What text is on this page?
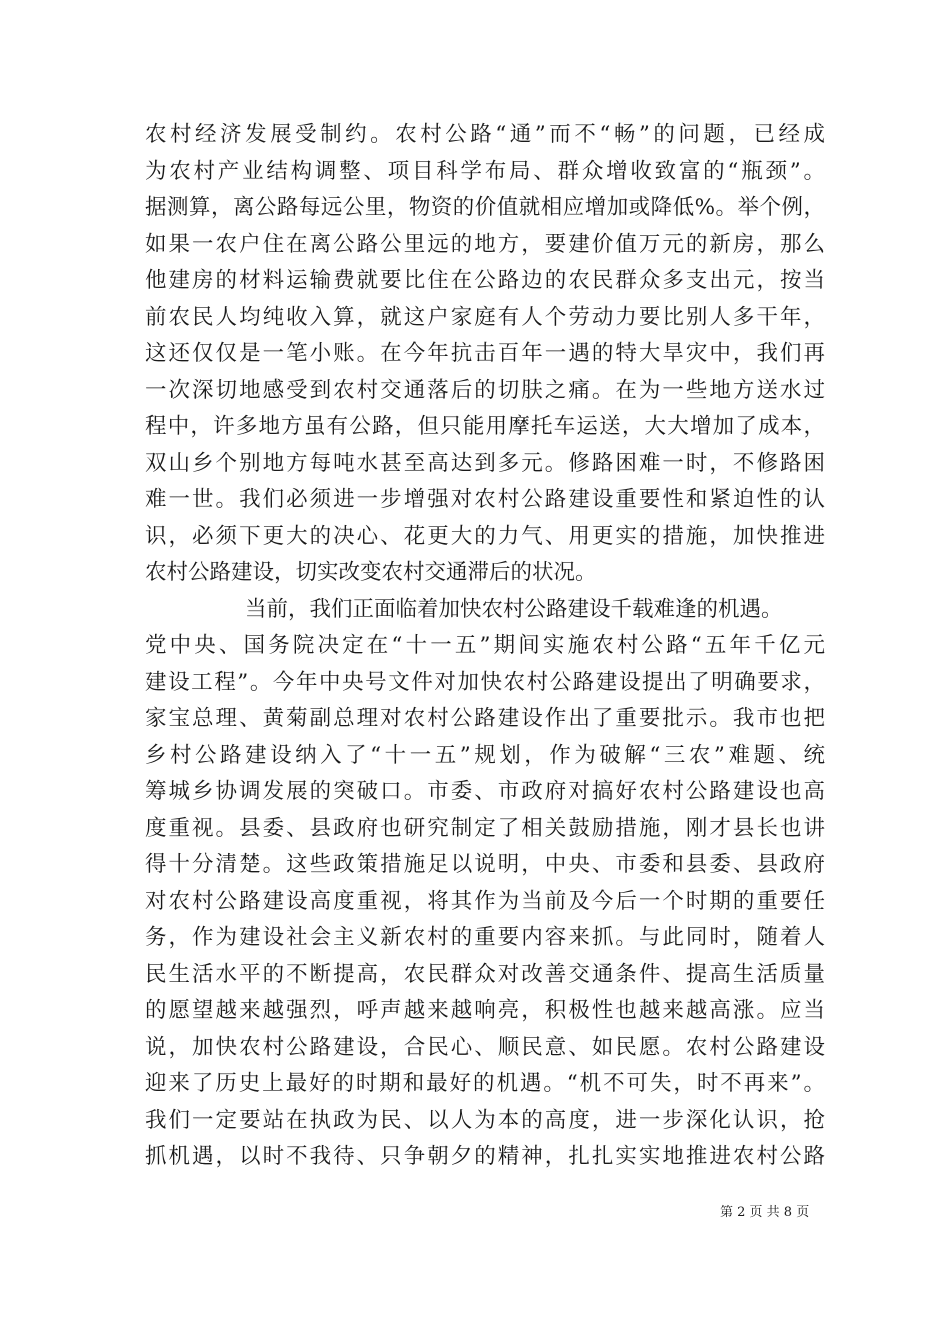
农村经济发展受制约。农村公路“通”而不“畅”的问题，已经成
为农村产业结构调整、项目科学布局、群众增收致富的“瓶颈”。
据测算，离公路每远公里，物资的价值就相应增加或降低%。举个例，
如果一农户住在离公路公里远的地方，要建价值万元的新房，那么
他建房的材料运输费就要比住在公路边的农民群众多支出元，按当
前农民人均纯收入算，就这户家庭有人个劳动力要比别人多干年，
这还仅仅是一笔小账。在今年抗击百年一遇的特大旱灾中，我们再
一次深切地感受到农村交通落后的切肤之痛。在为一些地方送水过
程中，许多地方虽有公路，但只能用摩托车运送，大大增加了成本，
双山乡个别地方每吨水甚至高达到多元。修路困难一时，不修路困
难一世。我们必须进一步增强对农村公路建设重要性和紧迫性的认
识，必须下更大的决心、花更大的力气、用更实的措施，加快推进
农村公路建设，切实改变农村交通滞后的状况。
当前，我们正面临着加快农村公路建设千载难逢的机遇。
党中央、国务院决定在“十一五”期间实施农村公路“五年千亿元
建设工程”。今年中央号文件对加快农村公路建设提出了明确要求，
家宝总理、黄菊副总理对农村公路建设作出了重要批示。我市也把
乡村公路建设纳入了“十一五”规划，作为破解“三农”难题、统
筹城乡协调发展的突破口。市委、市政府对搞好农村公路建设也高
度重视。县委、县政府也研究制定了相关鼓励措施，刚才县长也讲
得十分清楚。这些政策措施足以说明，中央、市委和县委、县政府
对农村公路建设高度重视，将其作为当前及今后一个时期的重要任
务，作为建设社会主义新农村的重要内容来抓。与此同时，随着人
民生活水平的不断提高，农民群众对改善交通条件、提高生活质量
的愿望越来越强烈，呼声越来越响亮，积极性也越来越高涨。应当
说，加快农村公路建设，合民心、顺民意、如民愿。农村公路建设
迎来了历史上最好的时期和最好的机遇。“机不可失，时不再来”。
我们一定要站在执政为民、以人为本的高度，进一步深化认识，抢
抓机遇，以时不我待、只争朝夕的精神，扎扎实实地推进农村公路
第 2 页 共 8 页
